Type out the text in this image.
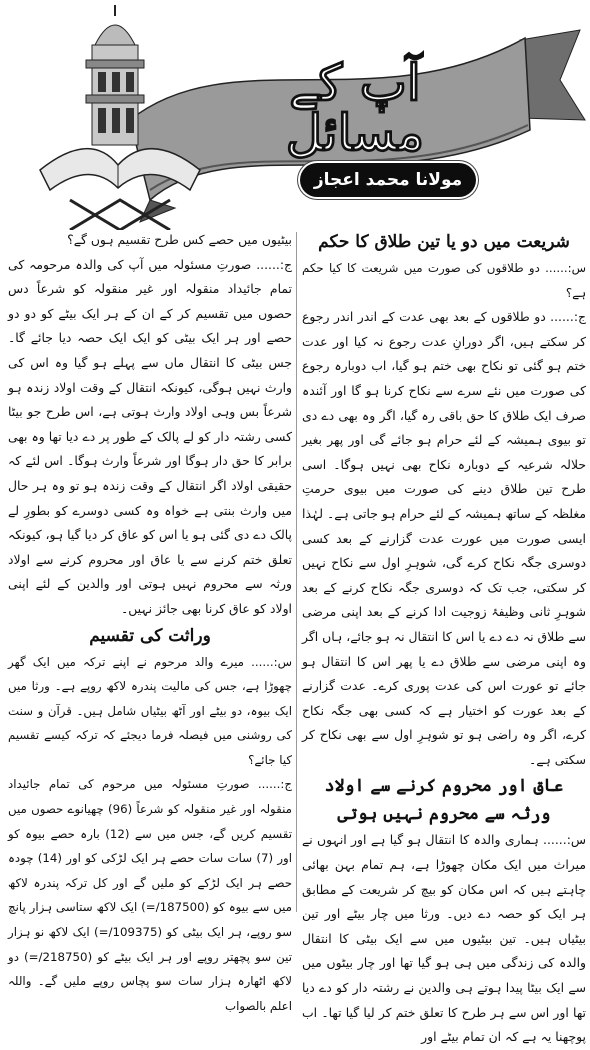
آپ کے مسائل
مولانا محمد اعجاز مصطفیٰ
شریعت میں دو یا تین طلاق کا حکم

س:...... دو طلاقوں کی صورت میں شریعت کا کیا حکم ہے؟

ج:...... دو طلاقوں کے بعد بھی عدت کے اندر اندر رجوع کر سکتے ہیں، اگر دورانِ عدت رجوع نہ کیا اور عدت ختم ہو گئی تو نکاح بھی ختم ہو گیا، اب دوبارہ رجوع کی صورت میں نئے سرے سے نکاح کرنا ہو گا اور آئندہ صرف ایک طلاق کا حق باقی رہ گیا، اگر وہ بھی دے دی تو بیوی ہمیشہ کے لئے حرام ہو جائے گی اور پھر بغیر حلالہ شرعیہ کے دوبارہ نکاح بھی نہیں ہوگا۔ اسی طرح تین طلاق دینے کی صورت میں بیوی حرمتِ مغلظہ کے ساتھ ہمیشہ کے لئے حرام ہو جاتی ہے۔ لہٰذا ایسی صورت میں عورت عدت گزارنے کے بعد کسی دوسری جگہ نکاح کرے گی، شوہرِ اول سے نکاح نہیں کر سکتی، جب تک کہ دوسری جگہ نکاح کرنے کے بعد شوہرِ ثانی وظیفۂ زوجیت ادا کرنے کے بعد اپنی مرضی سے طلاق نہ دے دے یا اس کا انتقال نہ ہو جائے، ہاں اگر وہ اپنی مرضی سے طلاق دے یا پھر اس کا انتقال ہو جائے تو عورت اس کی عدت پوری کرے۔ عدت گزارنے کے بعد عورت کو اختیار ہے کہ کسی بھی جگہ نکاح کرے، اگر وہ راضی ہو تو شوہرِ اول سے بھی نکاح کر سکتی ہے۔

عاق اور محروم کرنے سے اولاد ورثہ سے محروم نہیں ہوتی

س:...... ہماری والدہ کا انتقال ہو گیا ہے اور انہوں نے میراث میں ایک مکان چھوڑا ہے، ہم تمام بہن بھائی چاہتے ہیں کہ اس مکان کو بیچ کر شریعت کے مطابق ہر ایک کو حصہ دے دیں۔ ورثا میں چار بیٹے اور تین بیٹیاں ہیں۔ تین بیٹیوں میں سے ایک بیٹی کا انتقال والدہ کی زندگی میں ہی ہو گیا تھا اور چار بیٹوں میں سے ایک بیٹا پیدا ہوتے ہی والدین نے رشتہ دار کو دے دیا تھا اور اس سے ہر طرح کا تعلق ختم کر لیا گیا تھا۔ اب پوچھنا یہ ہے کہ ان تمام بیٹے اور

بیٹیوں میں حصے کس طرح تقسیم ہوں گے؟

ج:...... صورتِ مسئولہ میں آپ کی والدہ مرحومہ کی تمام جائیداد منقولہ اور غیر منقولہ کو شرعاً دس حصوں میں تقسیم کر کے ان کے ہر ایک بیٹے کو دو دو حصے اور ہر ایک بیٹی کو ایک ایک حصہ دیا جائے گا۔ جس بیٹی کا انتقال ماں سے پہلے ہو گیا وہ اس کی وارث نہیں ہوگی، کیونکہ انتقال کے وقت اولاد زندہ ہو شرعاً بس وہی اولاد وارث ہوتی ہے، اس طرح جو بیٹا کسی رشتہ دار کو لے پالک کے طور پر دے دیا تھا وہ بھی برابر کا حق دار ہوگا اور شرعاً وارث ہوگا۔ اس لئے کہ حقیقی اولاد اگر انتقال کے وقت زندہ ہو تو وہ ہر حال میں وارث بنتی ہے خواہ وہ کسی دوسرے کو بطورِ لے پالک دے دی گئی ہو یا اس کو عاق کر دیا گیا ہو، کیونکہ تعلق ختم کرنے سے یا عاق اور محروم کرنے سے اولاد ورثہ سے محروم نہیں ہوتی اور والدین کے لئے اپنی اولاد کو عاق کرنا بھی جائز نہیں۔

وراثت کی تقسیم

س:...... میرے والد مرحوم نے اپنے ترکہ میں ایک گھر چھوڑا ہے، جس کی مالیت پندرہ لاکھ روپے ہے۔ ورثا میں ایک بیوہ، دو بیٹے اور آٹھ بیٹیاں شامل ہیں۔ قرآن و سنت کی روشنی میں فیصلہ فرما دیجئے کہ ترکہ کیسے تقسیم کیا جائے؟

ج:...... صورتِ مسئولہ میں مرحوم کی تمام جائیداد منقولہ اور غیر منقولہ کو شرعاً (96) چھیانوے حصوں میں تقسیم کریں گے، جس میں سے (12) بارہ حصے بیوہ کو اور (7) سات سات حصے ہر ایک لڑکی کو اور (14) چودہ حصے ہر ایک لڑکے کو ملیں گے اور کل ترکہ پندرہ لاکھ میں سے بیوہ کو (187500/=) ایک لاکھ ستاسی ہزار پانچ سو روپے، ہر ایک بیٹی کو (109375/=) ایک لاکھ نو ہزار تین سو پچھتر روپے اور ہر ایک بیٹے کو (218750/=) دو لاکھ اٹھارہ ہزار سات سو پچاس روپے ملیں گے۔ واللہ اعلم بالصواب
